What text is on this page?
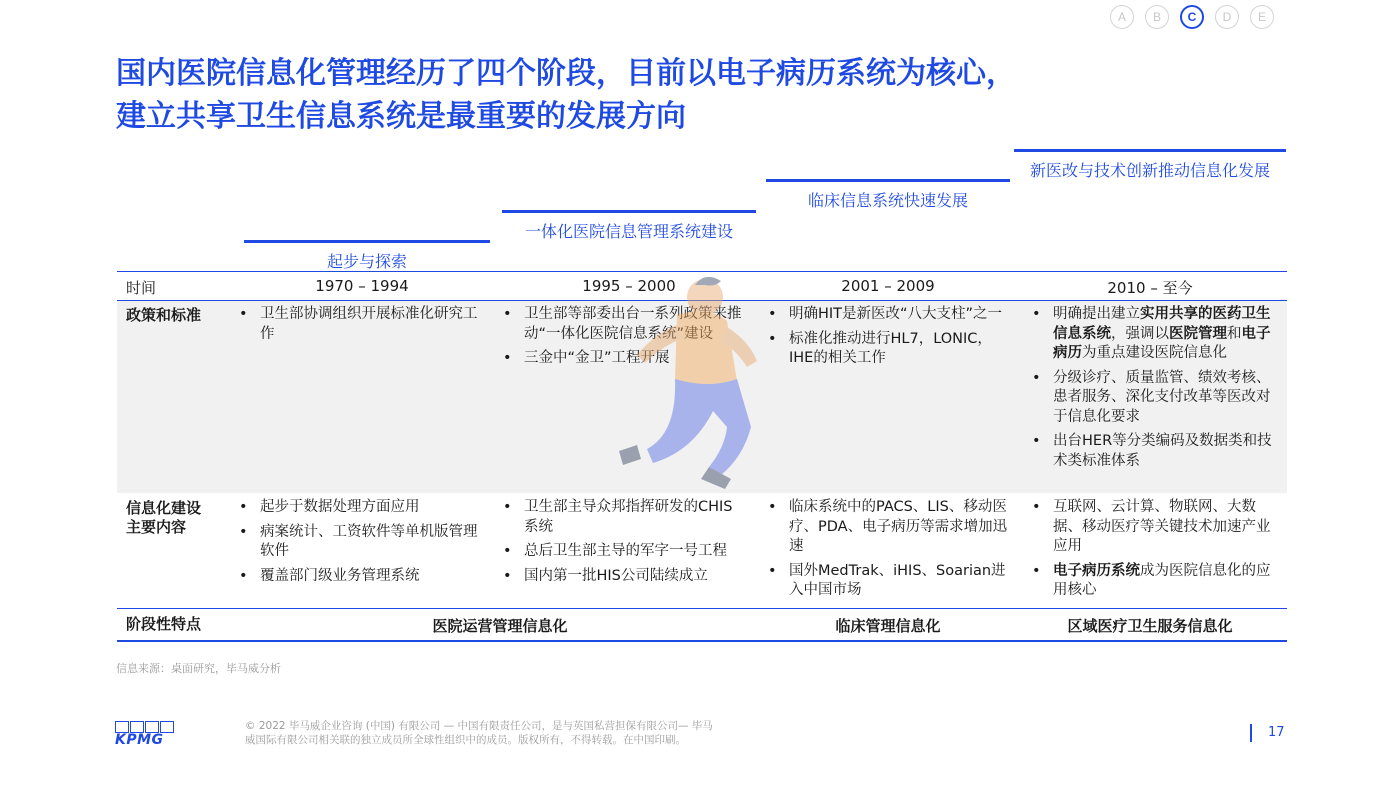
A	B	C	D	E
国内医院信息化管理经历了四个阶段，目前以电子病历系统为核心，
建立共享卫生信息系统是最重要的发展方向
起步与探索
一体化医院信息管理系统建设
临床信息系统快速发展
新医改与技术创新推动信息化发展
时间	1970 – 1994	1995 – 2000	2001 – 2009	2010 – 至今
政策和标准
•	卫生部协调组织开展标准化研究工作
• 卫生部等部委出台一系列政策来推动“一体化医院信息系统”建设
• 三金中“金卫”工程开展
• 明确HIT是新医改“八大支柱”之一
• 标准化推动进行HL7，LONIC，IHE的相关工作
• 明确提出建立实用共享的医药卫生信息系统，强调以医院管理和电子病历为重点建设医院信息化
• 分级诊疗、质量监管、绩效考核、患者服务、深化支付改革等医改对于信息化要求
• 出台HER等分类编码及数据类和技术类标准体系
信息化建设
主要内容
• 起步于数据处理方面应用
• 病案统计、工资软件等单机版管理软件
• 覆盖部门级业务管理系统
• 卫生部主导众邦指挥研发的CHIS系统
• 总后卫生部主导的军字一号工程
• 国内第一批HIS公司陆续成立
• 临床系统中的PACS、LIS、移动医疗、PDA、电子病历等需求增加迅速
• 国外MedTrak、iHIS、Soarian进入中国市场
• 互联网、云计算、物联网、大数据、移动医疗等关键技术加速产业应用
• 电子病历系统成为医院信息化的应用核心
阶段性特点	医院运营管理信息化	临床管理信息化	区域医疗卫生服务信息化
信息来源：桌面研究，毕马威分析
KPMG
© 2022 毕马威企业咨询 (中国) 有限公司 — 中国有限责任公司，是与英国私营担保有限公司— 毕马
威国际有限公司相关联的独立成员所全球性组织中的成员。版权所有，不得转载。在中国印刷。	17
